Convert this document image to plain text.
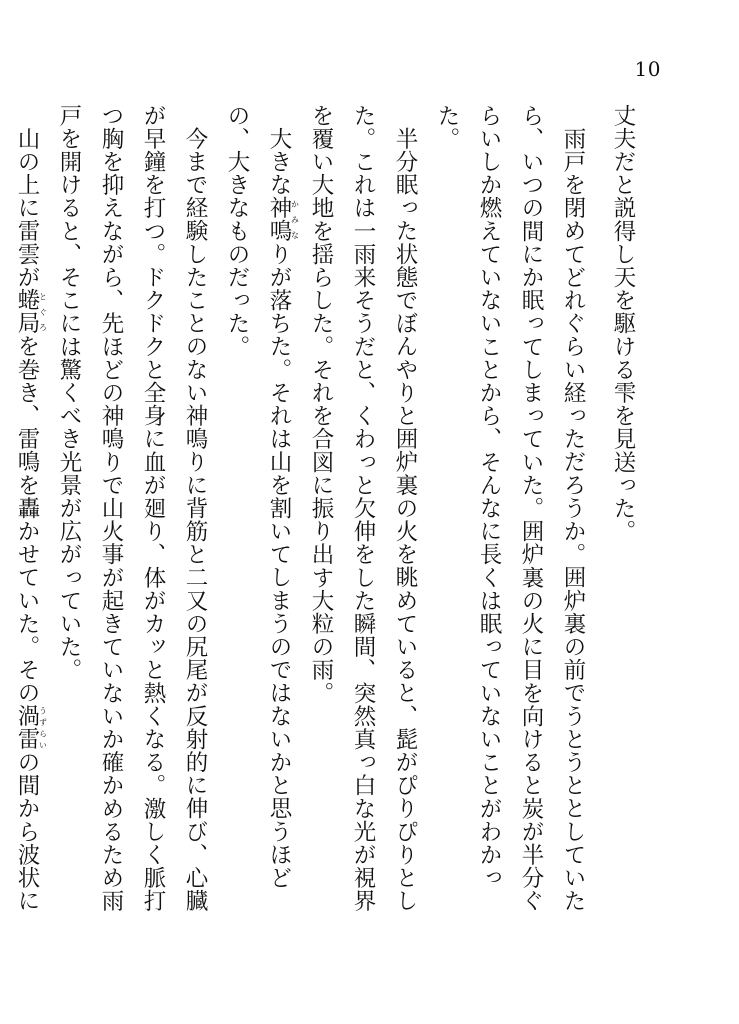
10

丈夫だと説得し天を駆ける雫を見送った。

雨戸を閉めてどれぐらい経っただろうか。囲炉裏の前でうとうととしていたら、いつの間にか眠ってしまっていた。囲炉裏の火に目を向けると炭が半分ぐらいしか燃えていないことから、そんなに長くは眠っていないことがわかった。

半分眠った状態でぼんやりと囲炉裏の火を眺めていると、髭がぴりぴりとした。これは一雨来そうだと、くわっと欠伸をした瞬間、突然真っ白な光が視界を覆い大地を揺らした。それを合図に振り出す大粒の雨。

大きな神鳴かみなりが落ちた。それは山を割いてしまうのではないかと思うほどの、大きなものだった。

今まで経験したことのない神鳴りに背筋と二又の尻尾が反射的に伸び、心臓が早鐘を打つ。ドクドクと全身に血が廻り、体がカッと熱くなる。激しく脈打つ胸を抑えながら、先ほどの神鳴りで山火事が起きていないか確かめるため雨戸を開けると、そこには驚くべき光景が広がっていた。

山の上に雷雲が蜷局とぐろを巻き、雷鳴を轟かせていた。その渦雷うずらいの間から波状に
